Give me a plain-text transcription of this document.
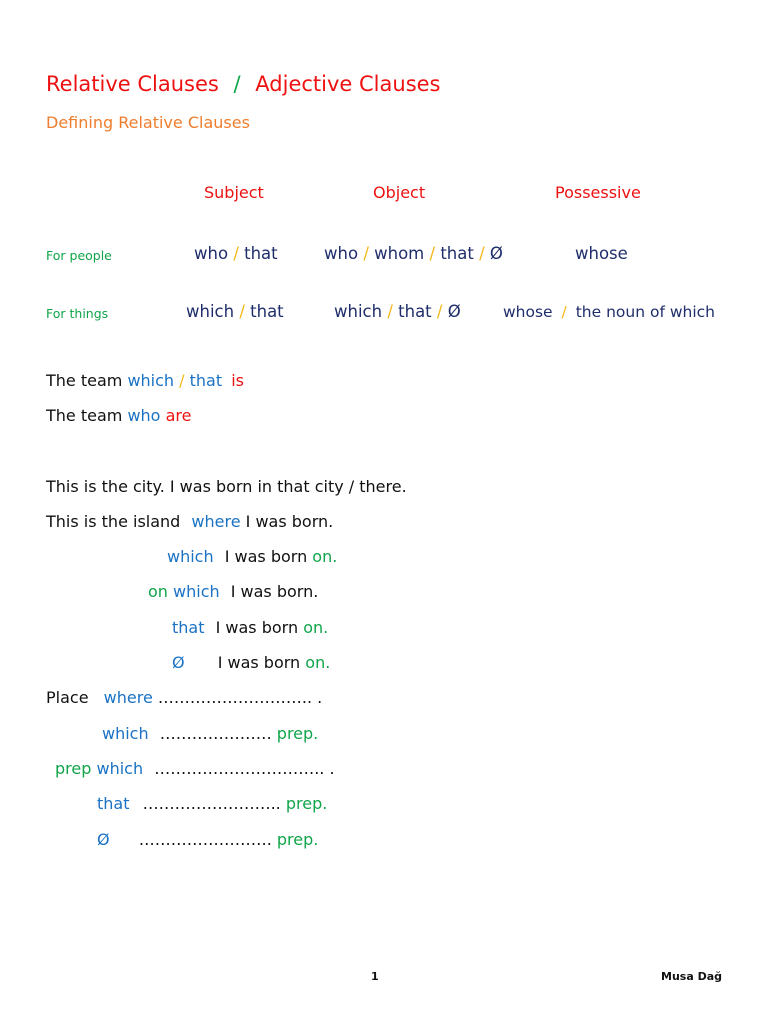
Relative Clauses / Adjective Clauses
Defining Relative Clauses
Subject	Object	Possessive
For people	who / that	who / whom / that / Ø	whose
For things	which / that	which / that / Ø	whose / the noun of which
The team which / that is
The team who are
This is the city. I was born in that city / there.
This is the island where I was born.
which I was born on.
on which I was born.
that I was born on.
Ø I was born on.
Place where ……………………….. .
which ………………… prep.
prep which ………………………….. .
that …………………….. prep.
Ø ……………………. prep.
1	Musa Dağ
